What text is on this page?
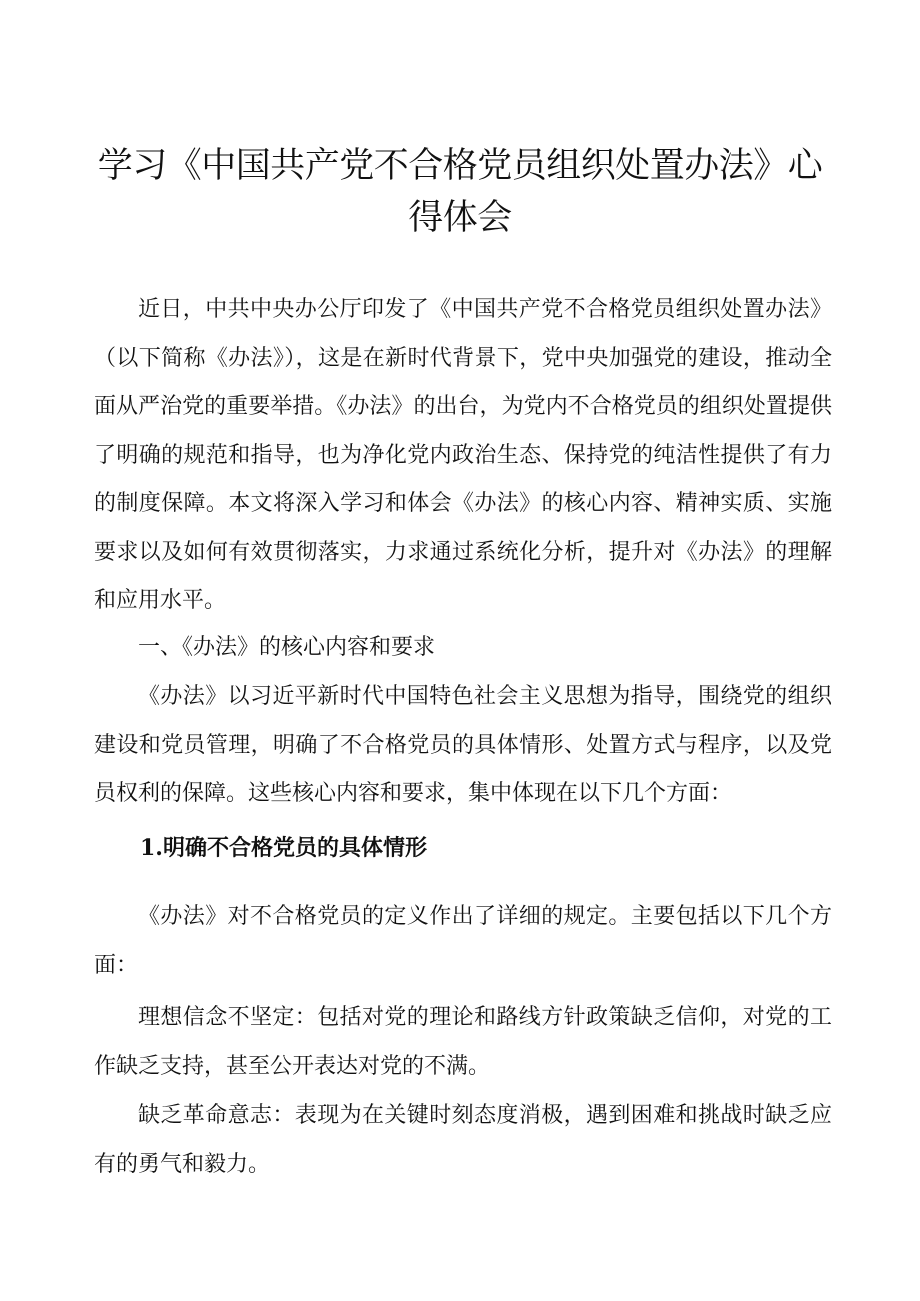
学习《中国共产党不合格党员组织处置办法》心得体会

近日，中共中央办公厅印发了《中国共产党不合格党员组织处置办法》（以下简称《办法》），这是在新时代背景下，党中央加强党的建设，推动全面从严治党的重要举措。《办法》的出台，为党内不合格党员的组织处置提供了明确的规范和指导，也为净化党内政治生态、保持党的纯洁性提供了有力的制度保障。本文将深入学习和体会《办法》的核心内容、精神实质、实施要求以及如何有效贯彻落实，力求通过系统化分析，提升对《办法》的理解和应用水平。

一、《办法》的核心内容和要求

《办法》以习近平新时代中国特色社会主义思想为指导，围绕党的组织建设和党员管理，明确了不合格党员的具体情形、处置方式与程序，以及党员权利的保障。这些核心内容和要求，集中体现在以下几个方面：

1.明确不合格党员的具体情形

《办法》对不合格党员的定义作出了详细的规定。主要包括以下几个方面：

理想信念不坚定：包括对党的理论和路线方针政策缺乏信仰，对党的工作缺乏支持，甚至公开表达对党的不满。

缺乏革命意志：表现为在关键时刻态度消极，遇到困难和挑战时缺乏应有的勇气和毅力。
